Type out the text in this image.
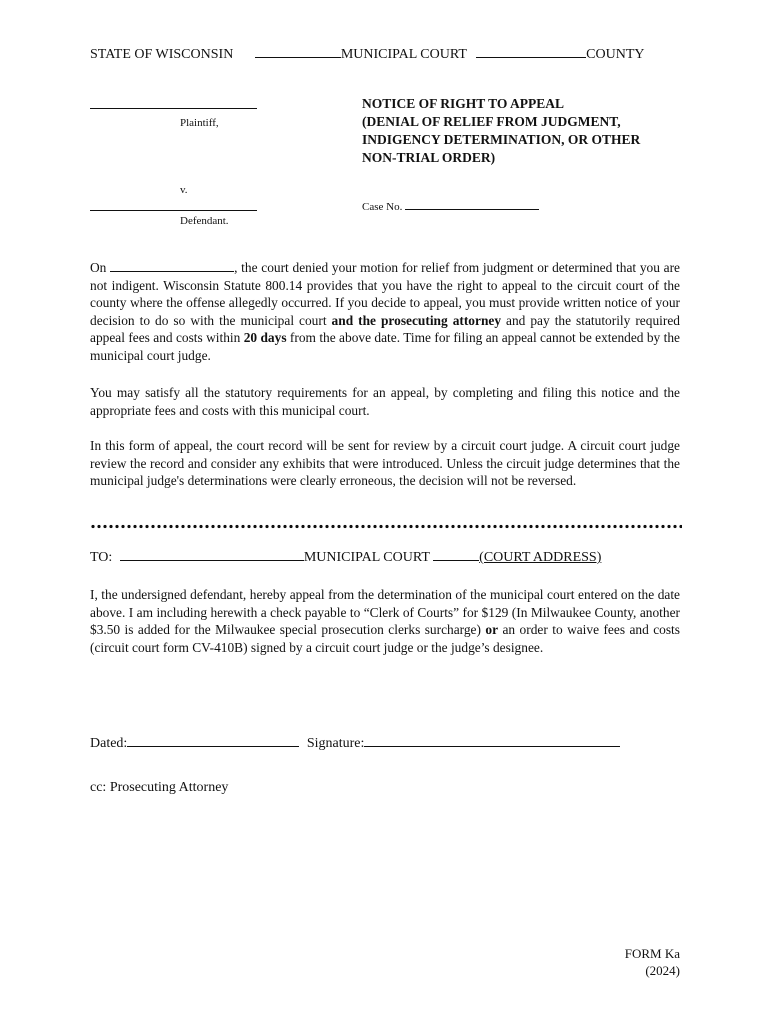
STATE OF WISCONSIN	MUNICIPAL COURT	COUNTY
Plaintiff,
v.
Defendant.
NOTICE OF RIGHT TO APPEAL
(DENIAL OF RELIEF FROM JUDGMENT,
INDIGENCY DETERMINATION, OR OTHER
NON-TRIAL ORDER)
Case No.
On	, the court denied your motion for relief from judgment or determined that you are not indigent. Wisconsin Statute 800.14 provides that you have the right to appeal to the circuit court of the county where the offense allegedly occurred. If you decide to appeal, you must provide written notice of your decision to do so with the municipal court and the prosecuting attorney and pay the statutorily required appeal fees and costs within 20 days from the above date. Time for filing an appeal cannot be extended by the municipal court judge.
You may satisfy all the statutory requirements for an appeal, by completing and filing this notice and the appropriate fees and costs with this municipal court.
In this form of appeal, the court record will be sent for review by a circuit court judge. A circuit court judge review the record and consider any exhibits that were introduced. Unless the circuit judge determines that the municipal judge's determinations were clearly erroneous, the decision will not be reversed.
TO:	MUNICIPAL COURT	(COURT ADDRESS)
I, the undersigned defendant, hereby appeal from the determination of the municipal court entered on the date above. I am including herewith a check payable to “Clerk of Courts” for $129 (In Milwaukee County, another $3.50 is added for the Milwaukee special prosecution clerks surcharge) or an order to waive fees and costs (circuit court form CV-410B) signed by a circuit court judge or the judge’s designee.
Dated:	Signature:
cc: Prosecuting Attorney
FORM Ka
(2024)
